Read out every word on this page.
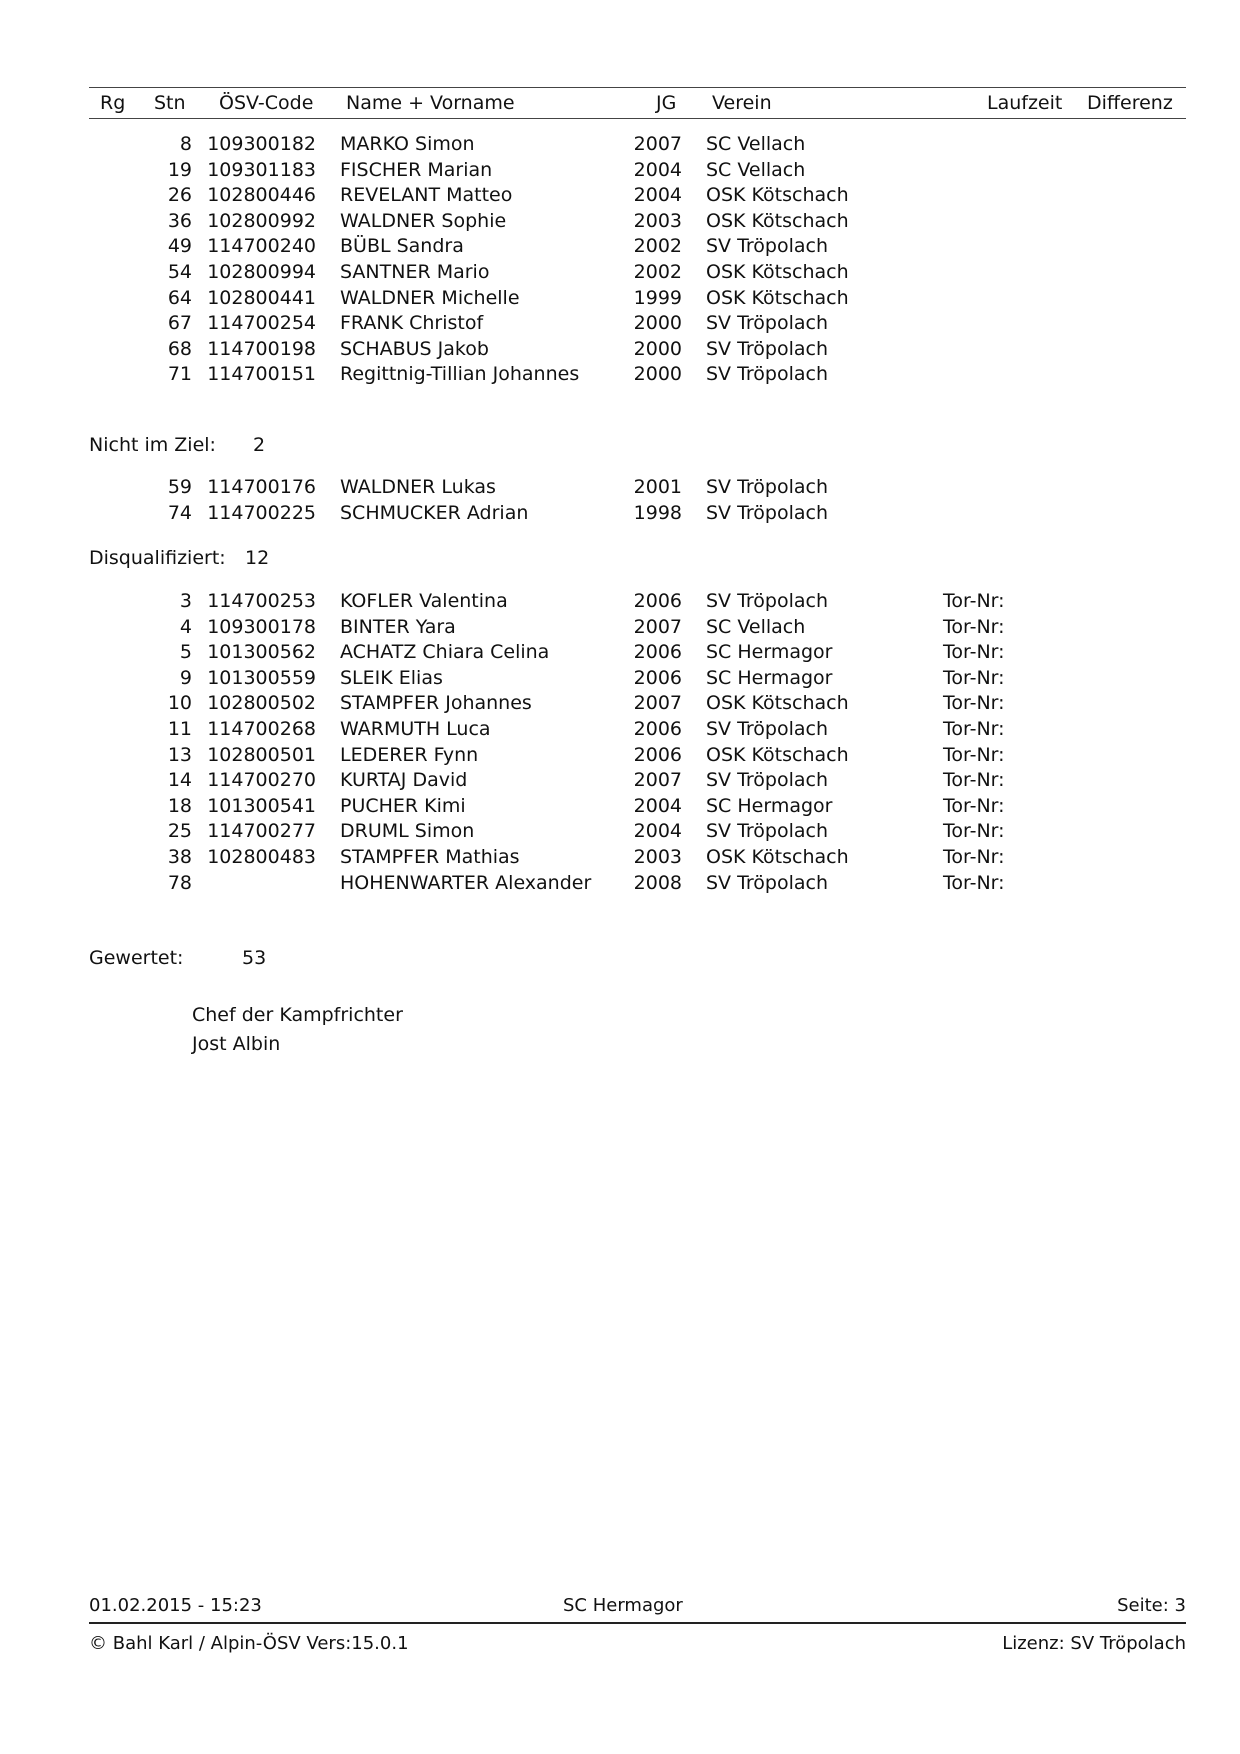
Rg Stn ÖSV-Code Name + Vorname	JG Verein	Laufzeit Differenz
8 109300182 MARKO Simon	2007 SC Vellach
19 109301183 FISCHER Marian	2004 SC Vellach
26 102800446 REVELANT Matteo	2004 OSK Kötschach
36 102800992 WALDNER Sophie	2003 OSK Kötschach
49 114700240 BÜBL Sandra	2002 SV Tröpolach
54 102800994 SANTNER Mario	2002 OSK Kötschach
64 102800441 WALDNER Michelle	1999 OSK Kötschach
67 114700254 FRANK Christof	2000 SV Tröpolach
68 114700198 SCHABUS Jakob	2000 SV Tröpolach
71 114700151 Regittnig-Tillian Johannes	2000 SV Tröpolach
Nicht im Ziel: 2
59 114700176 WALDNER Lukas	2001 SV Tröpolach
74 114700225 SCHMUCKER Adrian	1998 SV Tröpolach
Disqualifiziert: 12
3 114700253 KOFLER Valentina	2006 SV Tröpolach	Tor-Nr:
4 109300178 BINTER Yara	2007 SC Vellach	Tor-Nr:
5 101300562 ACHATZ Chiara Celina	2006 SC Hermagor	Tor-Nr:
9 101300559 SLEIK Elias	2006 SC Hermagor	Tor-Nr:
10 102800502 STAMPFER Johannes	2007 OSK Kötschach	Tor-Nr:
11 114700268 WARMUTH Luca	2006 SV Tröpolach	Tor-Nr:
13 102800501 LEDERER Fynn	2006 OSK Kötschach	Tor-Nr:
14 114700270 KURTAJ David	2007 SV Tröpolach	Tor-Nr:
18 101300541 PUCHER Kimi	2004 SC Hermagor	Tor-Nr:
25 114700277 DRUML Simon	2004 SV Tröpolach	Tor-Nr:
38 102800483 STAMPFER Mathias	2003 OSK Kötschach	Tor-Nr:
78	HOHENWARTER Alexander	2008 SV Tröpolach	Tor-Nr:
Gewertet:	53
Chef der Kampfrichter
Jost Albin
01.02.2015 - 15:23	SC Hermagor	Seite: 3
© Bahl Karl / Alpin-ÖSV Vers:15.0.1	Lizenz: SV Tröpolach
